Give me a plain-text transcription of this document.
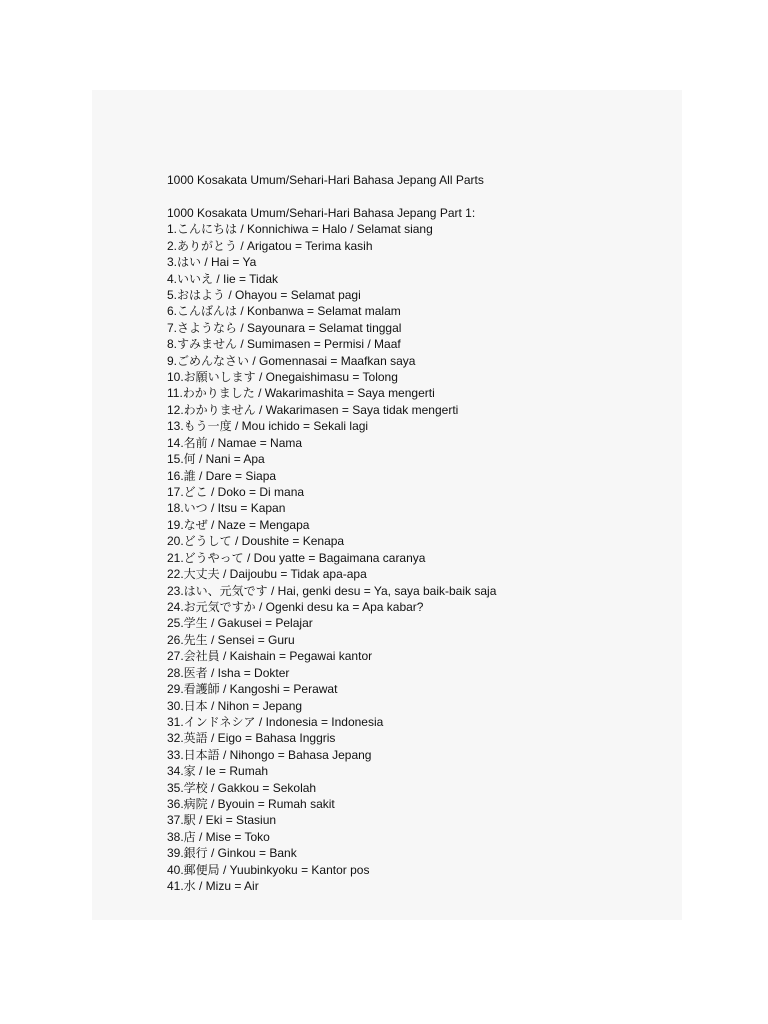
1000 Kosakata Umum/Sehari-Hari Bahasa Jepang All Parts
1000 Kosakata Umum/Sehari-Hari Bahasa Jepang Part 1:
1.こんにちは / Konnichiwa = Halo / Selamat siang
2.ありがとう / Arigatou = Terima kasih
3.はい / Hai = Ya
4.いいえ / Iie = Tidak
5.おはよう / Ohayou = Selamat pagi
6.こんばんは / Konbanwa = Selamat malam
7.さようなら / Sayounara = Selamat tinggal
8.すみません / Sumimasen = Permisi / Maaf
9.ごめんなさい / Gomennasai = Maafkan saya
10.お願いします / Onegaishimasu = Tolong
11.わかりました / Wakarimashita = Saya mengerti
12.わかりません / Wakarimasen = Saya tidak mengerti
13.もう一度 / Mou ichido = Sekali lagi
14.名前 / Namae = Nama
15.何 / Nani = Apa
16.誰 / Dare = Siapa
17.どこ / Doko = Di mana
18.いつ / Itsu = Kapan
19.なぜ / Naze = Mengapa
20.どうして / Doushite = Kenapa
21.どうやって / Dou yatte = Bagaimana caranya
22.大丈夫 / Daijoubu = Tidak apa-apa
23.はい、元気です / Hai, genki desu = Ya, saya baik-baik saja
24.お元気ですか / Ogenki desu ka = Apa kabar?
25.学生 / Gakusei = Pelajar
26.先生 / Sensei = Guru
27.会社員 / Kaishain = Pegawai kantor
28.医者 / Isha = Dokter
29.看護師 / Kangoshi = Perawat
30.日本 / Nihon = Jepang
31.インドネシア / Indonesia = Indonesia
32.英語 / Eigo = Bahasa Inggris
33.日本語 / Nihongo = Bahasa Jepang
34.家 / Ie = Rumah
35.学校 / Gakkou = Sekolah
36.病院 / Byouin = Rumah sakit
37.駅 / Eki = Stasiun
38.店 / Mise = Toko
39.銀行 / Ginkou = Bank
40.郵便局 / Yuubinkyoku = Kantor pos
41.水 / Mizu = Air
